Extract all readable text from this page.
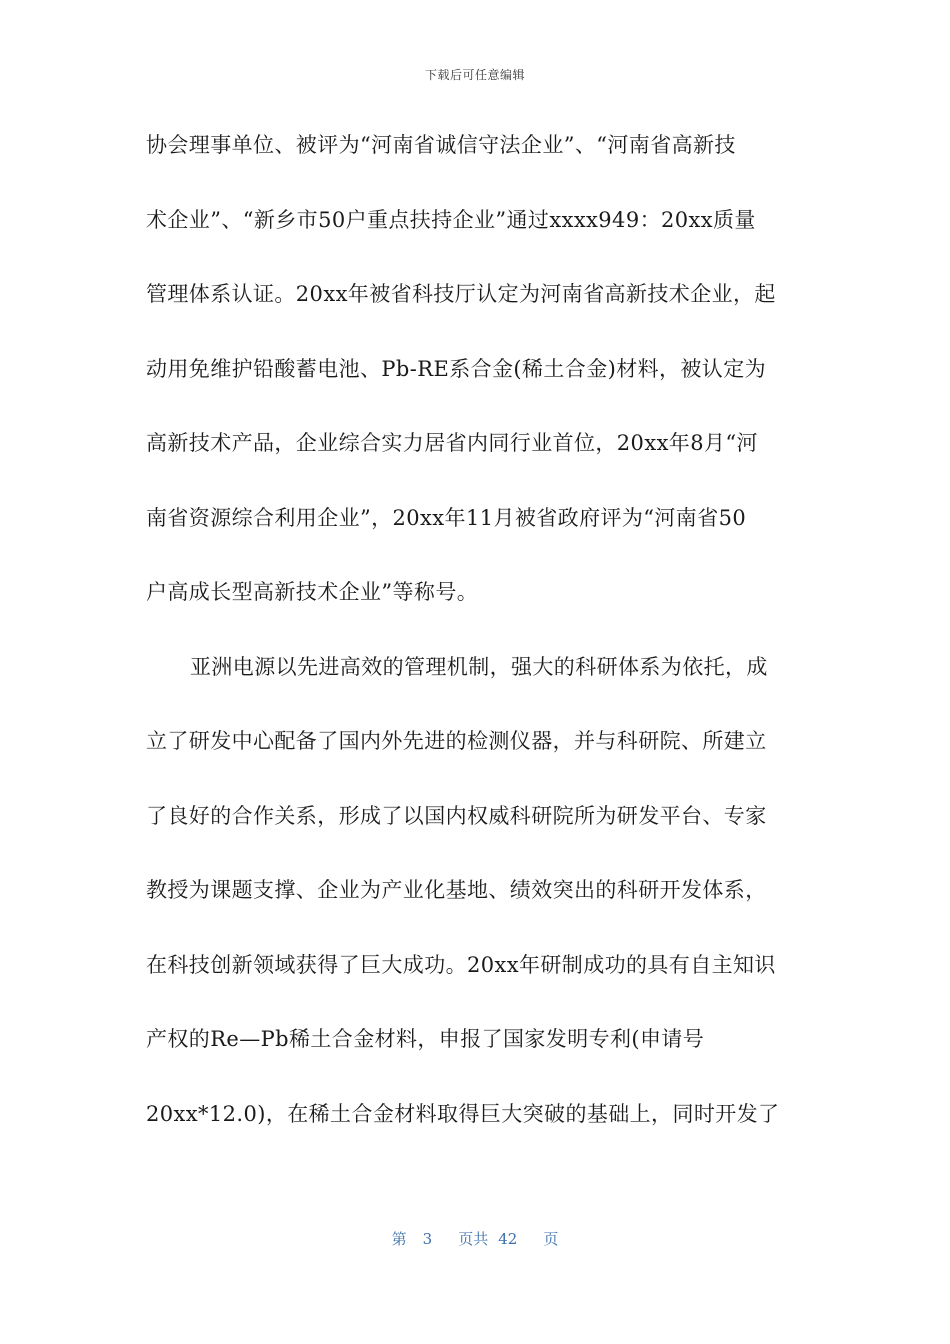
下载后可任意编辑
协会理事单位、被评为“河南省诚信守法企业”、“河南省高新技
术企业”、“新乡市50户重点扶持企业”通过xxxx949：20xx质量
管理体系认证。20xx年被省科技厅认定为河南省高新技术企业，起
动用免维护铅酸蓄电池、Pb-RE系合金(稀土合金)材料，被认定为
高新技术产品，企业综合实力居省内同行业首位，20xx年8月“河
南省资源综合利用企业”，20xx年11月被省政府评为“河南省50
户高成长型高新技术企业”等称号。
亚洲电源以先进高效的管理机制，强大的科研体系为依托，成
立了研发中心配备了国内外先进的检测仪器，并与科研院、所建立
了良好的合作关系，形成了以国内权威科研院所为研发平台、专家
教授为课题支撑、企业为产业化基地、绩效突出的科研开发体系，
在科技创新领域获得了巨大成功。20xx年研制成功的具有自主知识
产权的Re—Pb稀土合金材料，申报了国家发明专利(申请号
20xx*12.0)，在稀土合金材料取得巨大突破的基础上，同时开发了
第 3 页共 42 页
